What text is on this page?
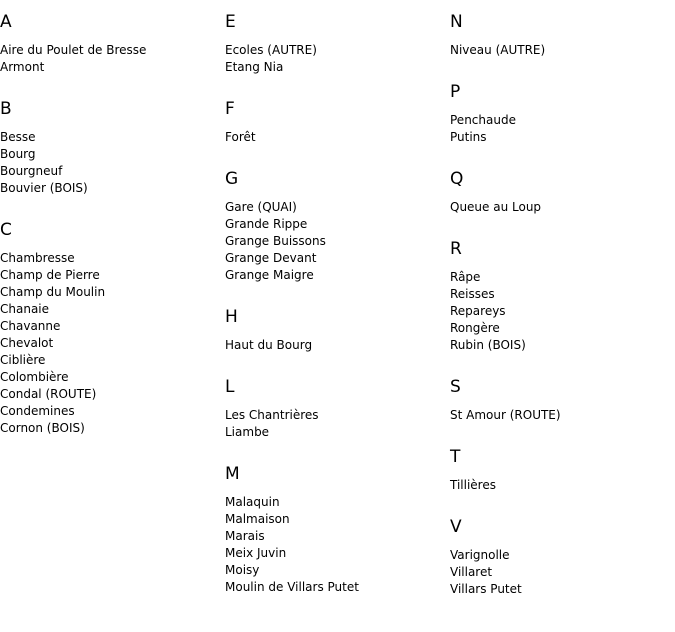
A
Aire du Poulet de Bresse
Armont
B
Besse
Bourg
Bourgneuf
Bouvier (BOIS)
C
Chambresse
Champ de Pierre
Champ du Moulin
Chanaie
Chavanne
Chevalot
Ciblière
Colombière
Condal (ROUTE)
Condemines
Cornon (BOIS)
E
Ecoles (AUTRE)
Etang Nia
F
Forêt
G
Gare (QUAI)
Grande Rippe
Grange Buissons
Grange Devant
Grange Maigre
H
Haut du Bourg
L
Les Chantrières
Liambe
M
Malaquin
Malmaison
Marais
Meix Juvin
Moisy
Moulin de Villars Putet
N
Niveau (AUTRE)
P
Penchaude
Putins
Q
Queue au Loup
R
Râpe
Reisses
Repareys
Rongère
Rubin (BOIS)
S
St Amour (ROUTE)
T
Tillières
V
Varignolle
Villaret
Villars Putet
